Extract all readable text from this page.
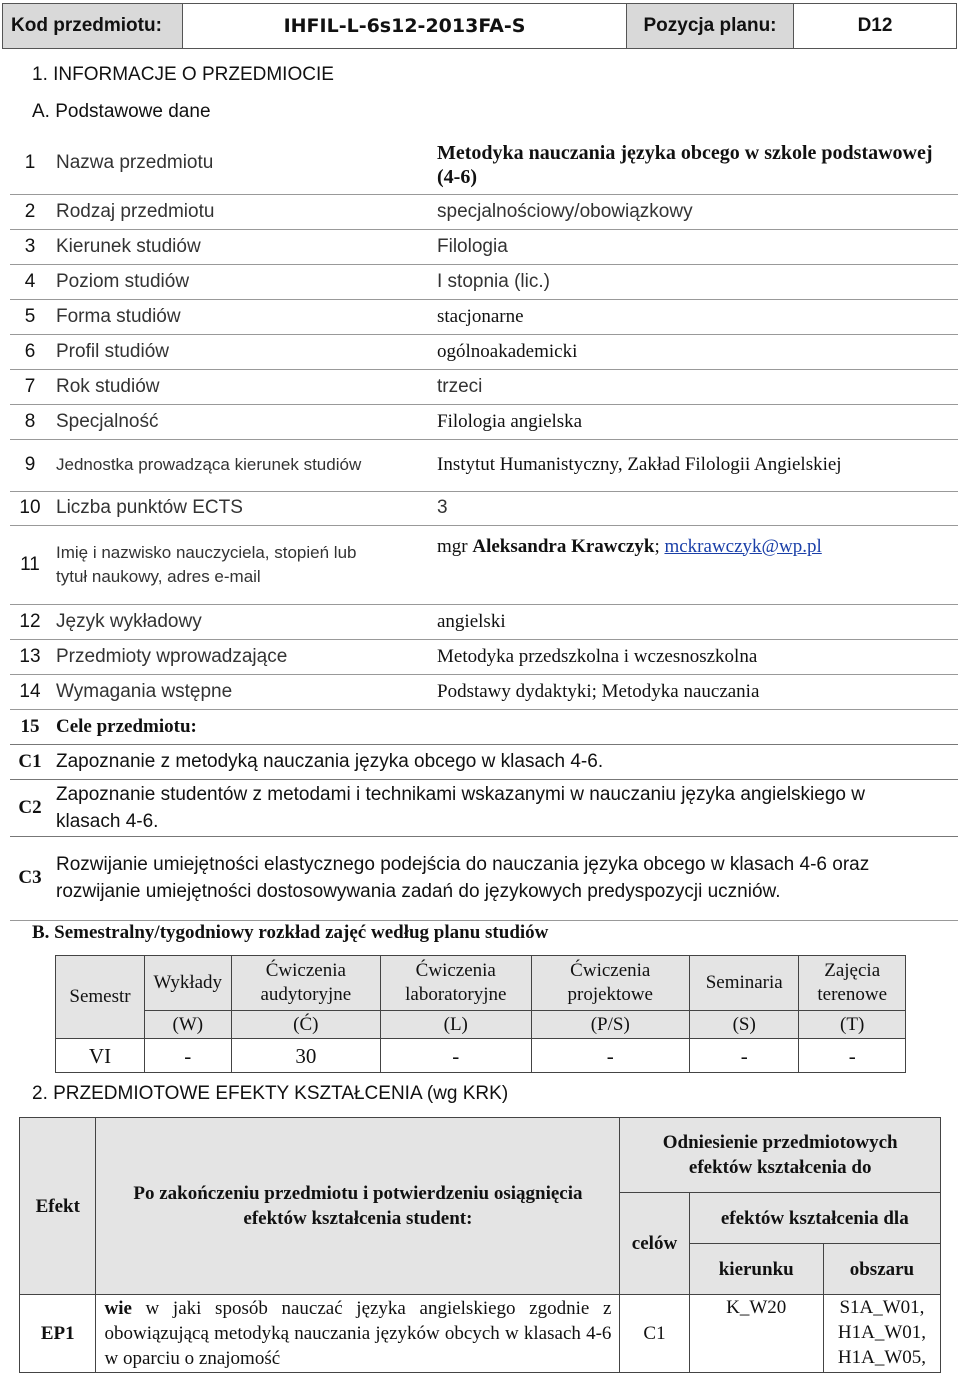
Kod przedmiotu:	IHFIL-L-6s12-2013FA-S	Pozycja planu:	D12
1. INFORMACJE O PRZEDMIOCIE
A. Podstawowe dane
1	Nazwa przedmiotu	Metodyka nauczania języka obcego w szkole podstawowej (4-6)
2	Rodzaj przedmiotu	specjalnościowy/obowiązkowy
3	Kierunek studiów	Filologia
4	Poziom studiów	I stopnia (lic.)
5	Forma studiów	stacjonarne
6	Profil studiów	ogólnoakademicki
7	Rok studiów	trzeci
8	Specjalność	Filologia angielska
9	Jednostka prowadząca kierunek studiów	Instytut Humanistyczny, Zakład Filologii Angielskiej
10	Liczba punktów ECTS	3
11	Imię i nazwisko nauczyciela, stopień lub tytuł naukowy, adres e-mail	mgr Aleksandra Krawczyk; mckrawczyk@wp.pl
12	Język wykładowy	angielski
13	Przedmioty wprowadzające	Metodyka przedszkolna i wczesnoszkolna
14	Wymagania wstępne	Podstawy dydaktyki; Metodyka nauczania
15	Cele przedmiotu:	
C1	Zapoznanie z metodyką nauczania języka obcego w klasach 4-6.	
C2	Zapoznanie studentów z metodami i technikami wskazanymi w nauczaniu języka angielskiego w klasach 4-6.	
C3	Rozwijanie umiejętności elastycznego podejścia do nauczania języka obcego w klasach 4-6 oraz rozwijanie umiejętności dostosowywania zadań do językowych predyspozycji uczniów.	
B. Semestralny/tygodniowy rozkład zajęć według planu studiów
Semestr	Wykłady	Ćwiczenia audytoryjne	Ćwiczenia laboratoryjne	Ćwiczenia projektowe	Seminaria	Zajęcia terenowe
	(W)	(Ć)	(L)	(P/S)	(S)	(T)
VI	-	30	-	-	-	-
2. PRZEDMIOTOWE EFEKTY KSZTAŁCENIA (wg KRK)
Efekt	Po zakończeniu przedmiotu i potwierdzeniu osiągnięcia efektów kształcenia student:	Odniesienie przedmiotowych efektów kształcenia do		
		celów	efektów kształcenia dla	
			kierunku	obszaru
EP1	wie w jaki sposób nauczać języka angielskiego zgodnie z obowiązującą metodyką nauczania języków obcych w klasach 4-6 w oparciu o znajomość	C1	K_W20	S1A_W01, H1A_W01, H1A_W05,
